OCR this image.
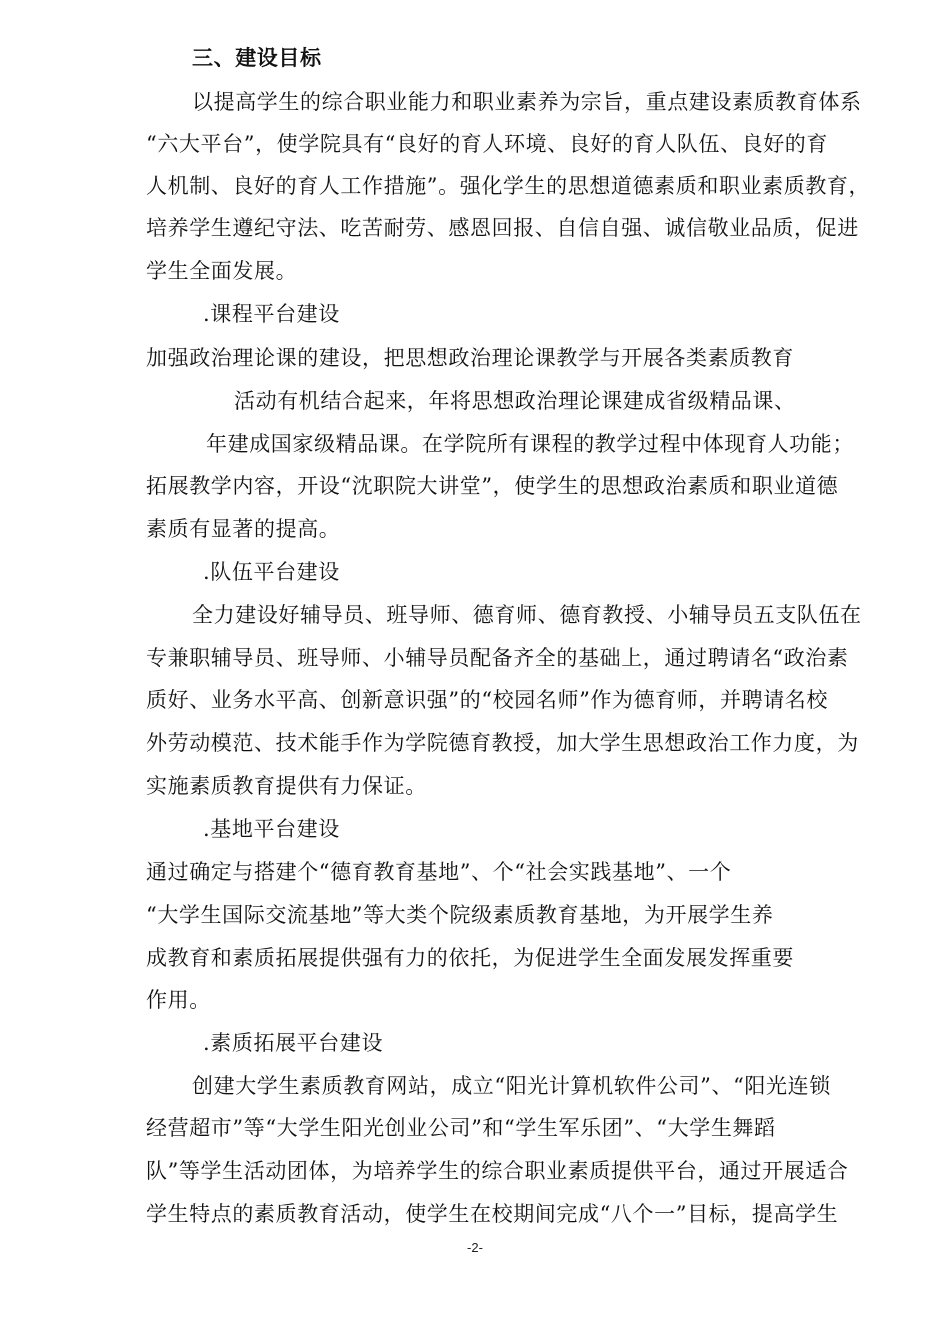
三、建设目标
以提高学生的综合职业能力和职业素养为宗旨，重点建设素质教育体系
“六大平台”，使学院具有“良好的育人环境、良好的育人队伍、良好的育
人机制、良好的育人工作措施”。强化学生的思想道德素质和职业素质教育，
培养学生遵纪守法、吃苦耐劳、感恩回报、自信自强、诚信敬业品质，促进
学生全面发展。
.课程平台建设
加强政治理论课的建设，把思想政治理论课教学与开展各类素质教育
活动有机结合起来，年将思想政治理论课建成省级精品课、
年建成国家级精品课。在学院所有课程的教学过程中体现育人功能；
拓展教学内容，开设“沈职院大讲堂”，使学生的思想政治素质和职业道德
素质有显著的提高。
.队伍平台建设
全力建设好辅导员、班导师、德育师、德育教授、小辅导员五支队伍在
专兼职辅导员、班导师、小辅导员配备齐全的基础上，通过聘请名“政治素
质好、业务水平高、创新意识强”的“校园名师”作为德育师，并聘请名校
外劳动模范、技术能手作为学院德育教授，加大学生思想政治工作力度，为
实施素质教育提供有力保证。
.基地平台建设
通过确定与搭建个“德育教育基地”、个“社会实践基地”、一个
“大学生国际交流基地”等大类个院级素质教育基地，为开展学生养
成教育和素质拓展提供强有力的依托，为促进学生全面发展发挥重要
作用。
.素质拓展平台建设
创建大学生素质教育网站，成立“阳光计算机软件公司”、“阳光连锁
经营超市”等“大学生阳光创业公司”和“学生军乐团”、“大学生舞蹈
队”等学生活动团体，为培养学生的综合职业素质提供平台，通过开展适合
学生特点的素质教育活动，使学生在校期间完成“八个一”目标，提高学生
-2-
